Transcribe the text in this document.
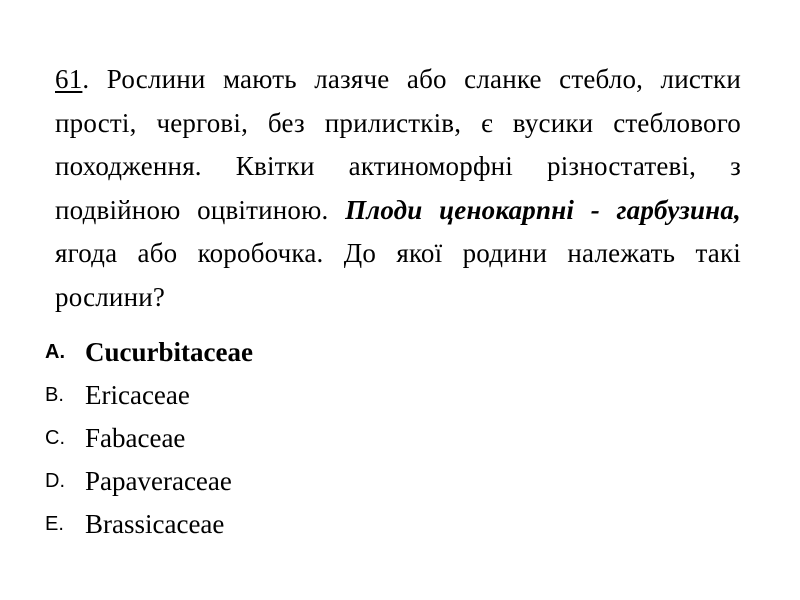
61. Рослини мають лазяче або сланке стебло, листки прості, чергові, без прилистків, є вусики стеблового походження. Квітки актиноморфні різностатеві, з подвійною оцвітиною. Плоди ценокарпні - гарбузина, ягода або коробочка. До якої родини належать такі рослини?
A. Cucurbitaceae
B. Ericaceae
C. Fabaceae
D. Papaveraceae
E. Brassicaceae
